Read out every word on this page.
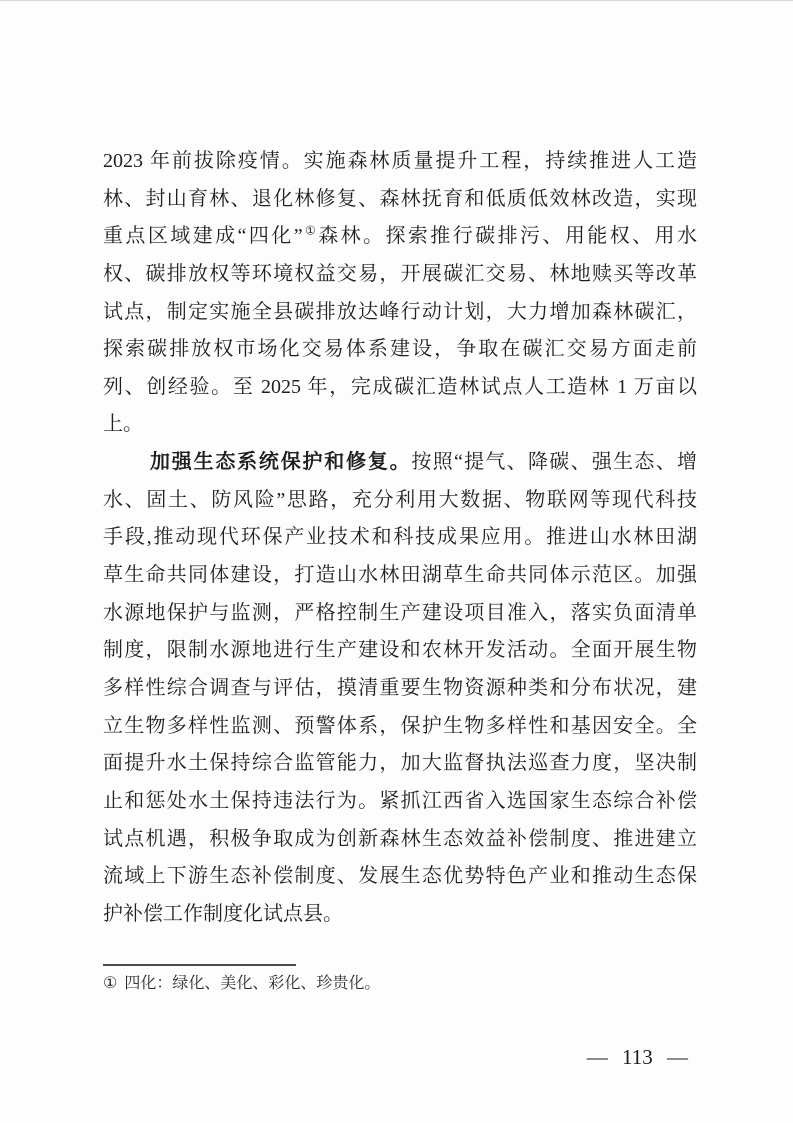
2023 年前拔除疫情。实施森林质量提升工程，持续推进人工造
林、封山育林、退化林修复、森林抚育和低质低效林改造，实现
重点区域建成“四化”①森林。探索推行碳排污、用能权、用水
权、碳排放权等环境权益交易，开展碳汇交易、林地赎买等改革
试点，制定实施全县碳排放达峰行动计划，大力增加森林碳汇，
探索碳排放权市场化交易体系建设，争取在碳汇交易方面走前
列、创经验。至 2025 年，完成碳汇造林试点人工造林 1 万亩以
上。
加强生态系统保护和修复。按照“提气、降碳、强生态、增
水、固土、防风险”思路，充分利用大数据、物联网等现代科技
手段,推动现代环保产业技术和科技成果应用。推进山水林田湖
草生命共同体建设，打造山水林田湖草生命共同体示范区。加强
水源地保护与监测，严格控制生产建设项目准入，落实负面清单
制度，限制水源地进行生产建设和农林开发活动。全面开展生物
多样性综合调查与评估，摸清重要生物资源种类和分布状况，建
立生物多样性监测、预警体系，保护生物多样性和基因安全。全
面提升水土保持综合监管能力，加大监督执法巡查力度，坚决制
止和惩处水土保持违法行为。紧抓江西省入选国家生态综合补偿
试点机遇，积极争取成为创新森林生态效益补偿制度、推进建立
流域上下游生态补偿制度、发展生态优势特色产业和推动生态保
护补偿工作制度化试点县。
① 四化：绿化、美化、彩化、珍贵化。
— 113 —
